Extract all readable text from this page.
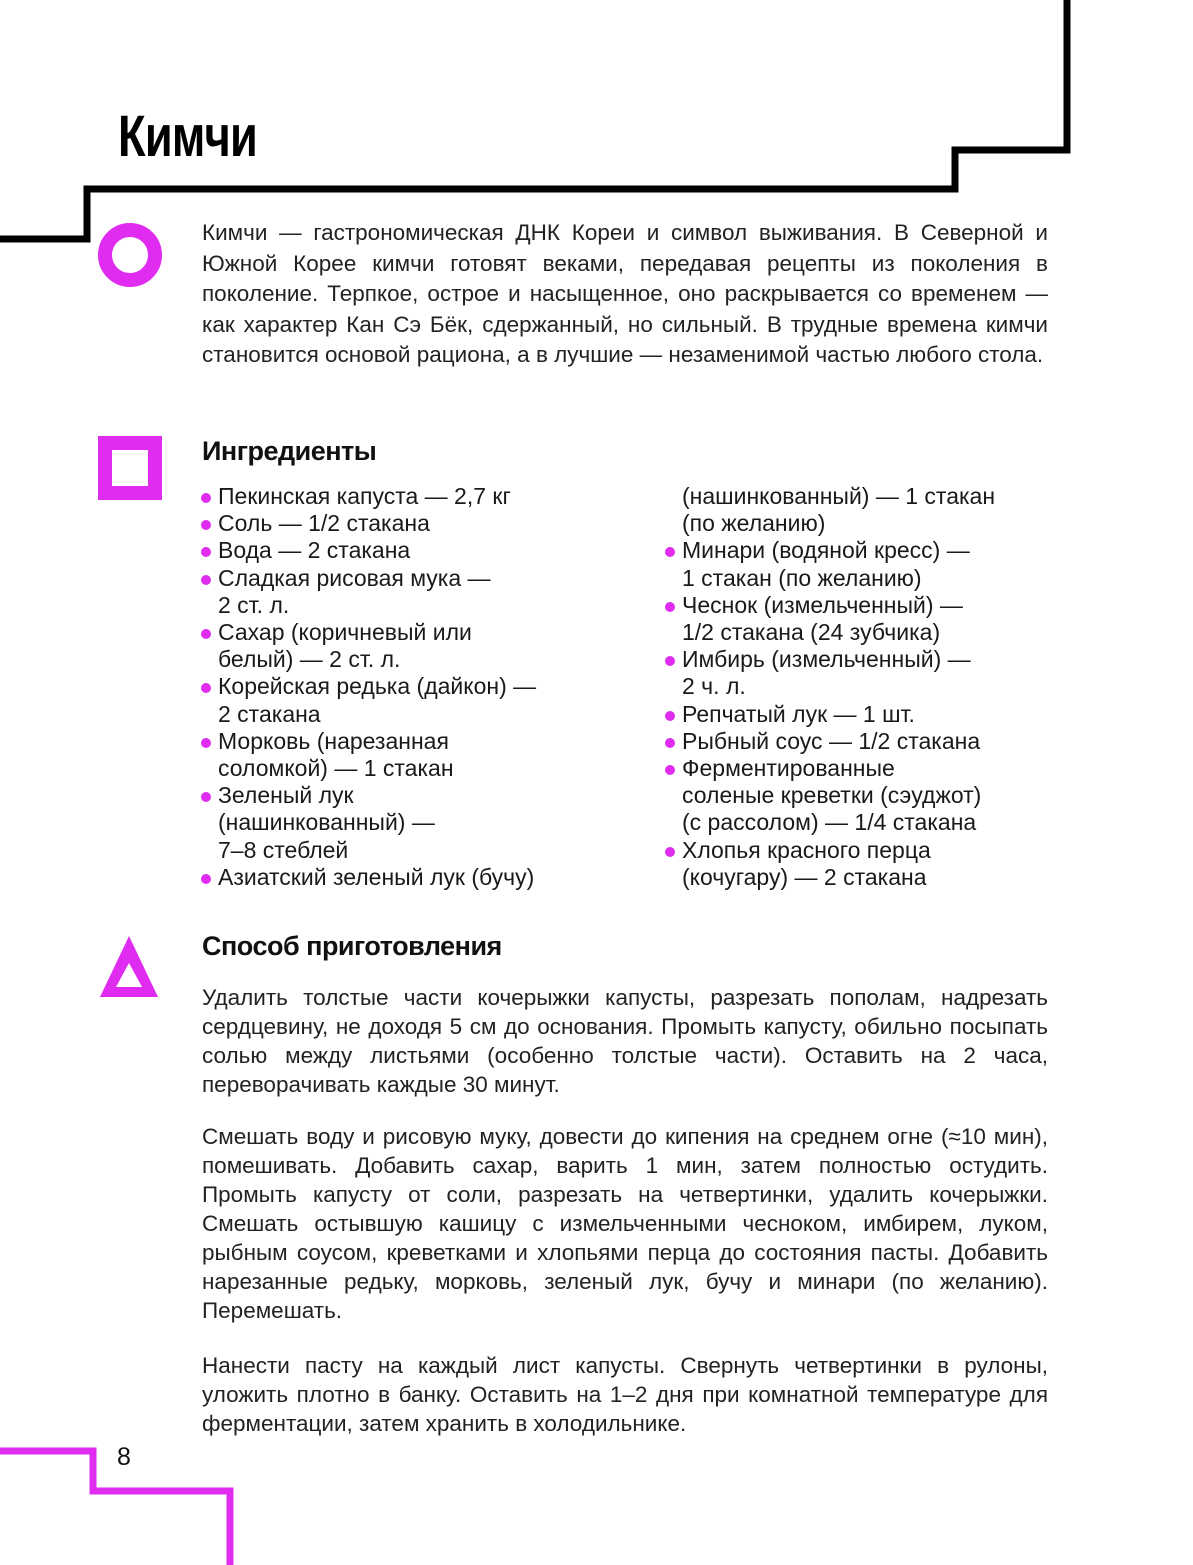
Кимчи

Кимчи — гастрономическая ДНК Кореи и символ выживания. В Северной и Южной Корее кимчи готовят веками, передавая рецепты из поколения в поколение. Терпкое, острое и насыщенное, оно раскрывается со временем — как характер Кан Сэ Бёк, сдержанный, но сильный. В трудные времена кимчи становится основой рациона, а в лучшие — незаменимой частью любого стола.

Ингредиенты
Пекинская капуста — 2,7 кг
Соль — 1/2 стакана
Вода — 2 стакана
Сладкая рисовая мука —
2 ст. л.
Сахар (коричневый или
белый) — 2 ст. л.
Корейская редька (дайкон) —
2 стакана
Морковь (нарезанная
соломкой) — 1 стакан
Зеленый лук
(нашинкованный) —
7–8 стеблей
Азиатский зеленый лук (бучу)
(нашинкованный) — 1 стакан
(по желанию)
Минари (водяной кресс) —
1 стакан (по желанию)
Чеснок (измельченный) —
1/2 стакана (24 зубчика)
Имбирь (измельченный) —
2 ч. л.
Репчатый лук — 1 шт.
Рыбный соус — 1/2 стакана
Ферментированные
соленые креветки (сэуджот)
(с рассолом) — 1/4 стакана
Хлопья красного перца
(кочугару) — 2 стакана
Способ приготовления

Удалить толстые части кочерыжки капусты, разрезать пополам, надрезать сердцевину, не доходя 5 см до основания. Промыть капусту, обильно посыпать солью между листьями (особенно толстые части). Оставить на 2 часа, переворачивать каждые 30 минут.

Смешать воду и рисовую муку, довести до кипения на среднем огне (≈10 мин), помешивать. Добавить сахар, варить 1 мин, затем полностью остудить. Промыть капусту от соли, разрезать на четвертинки, удалить кочерыжки. Смешать остывшую кашицу с измельченными чесноком, имбирем, луком, рыбным соусом, креветками и хлопьями перца до состояния пасты. Добавить нарезанные редьку, морковь, зеленый лук, бучу и минари (по желанию). Перемешать.

Нанести пасту на каждый лист капусты. Свернуть четвертинки в рулоны, уложить плотно в банку. Оставить на 1–2 дня при комнатной температуре для ферментации, затем хранить в холодильнике.

8
